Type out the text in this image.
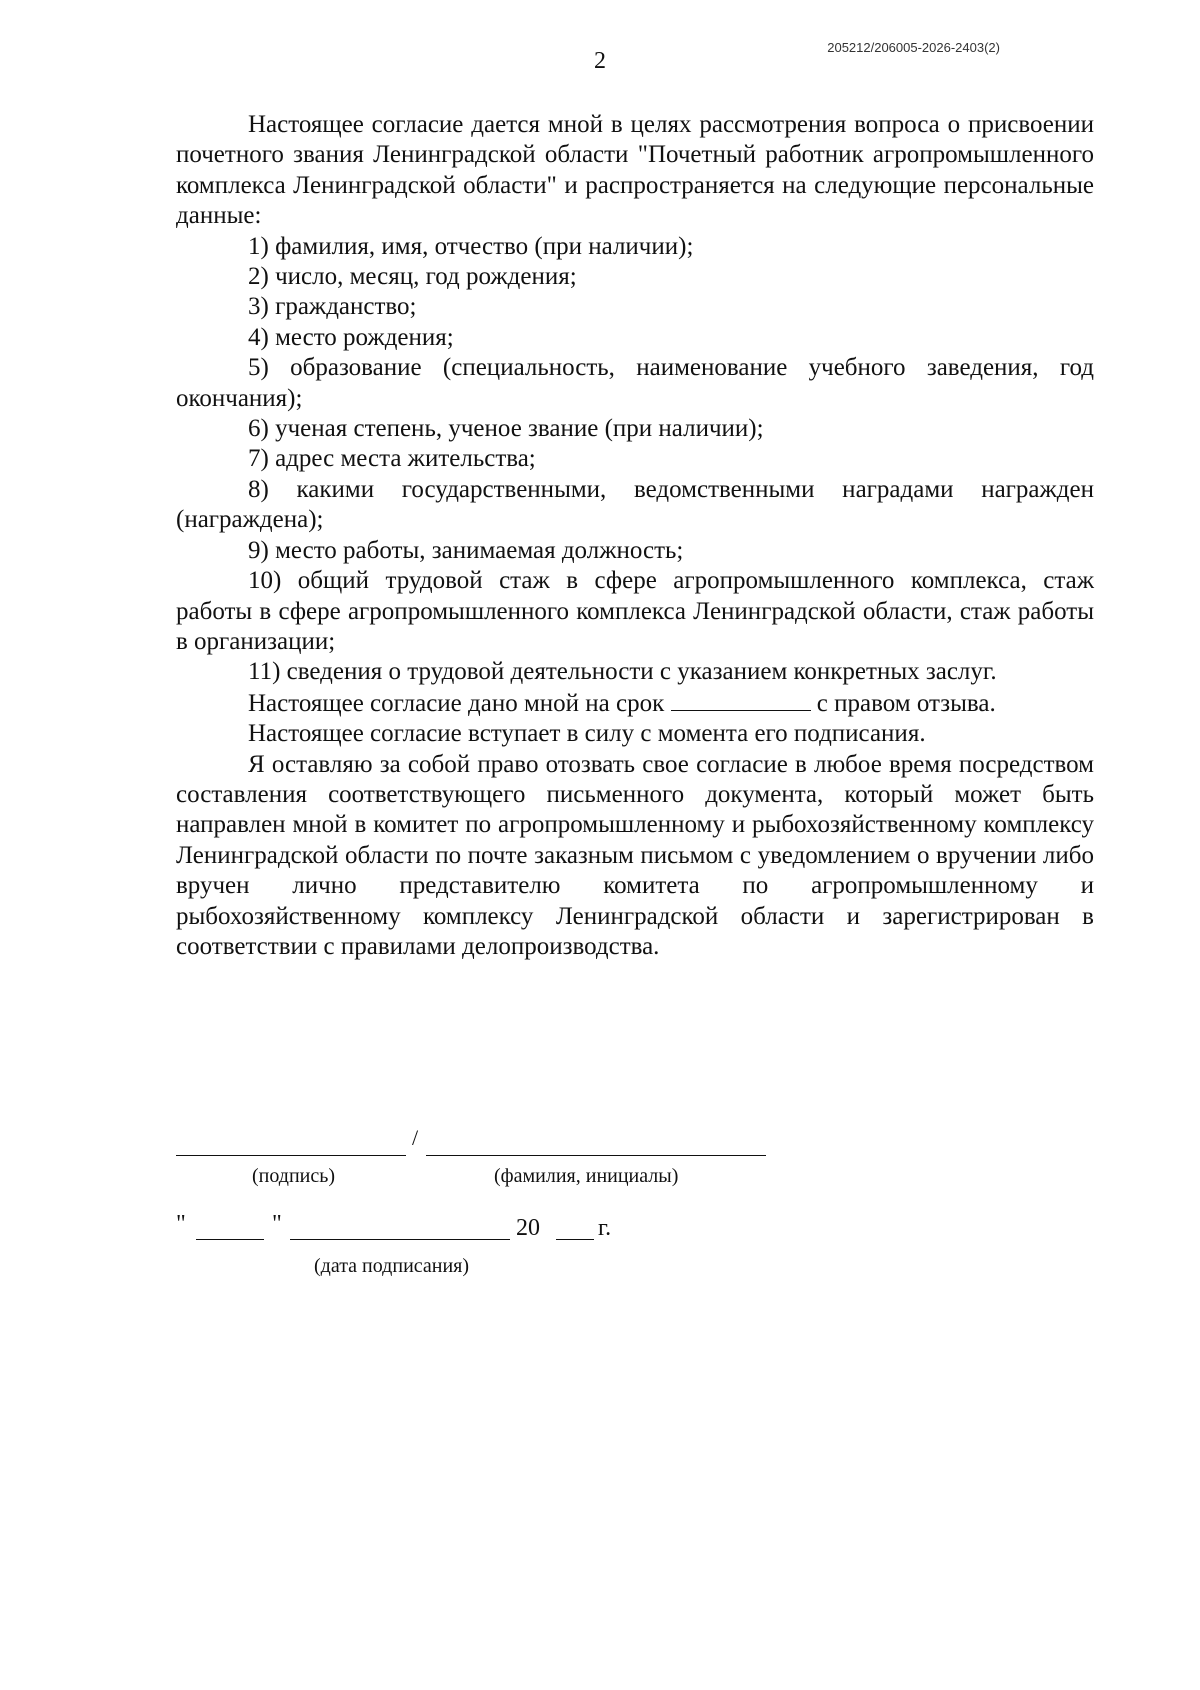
205212/206005-2026-2403(2)
2

Настоящее согласие дается мной в целях рассмотрения вопроса о присвоении почетного звания Ленинградской области "Почетный работник агропромышленного комплекса Ленинградской области" и распространяется на следующие персональные данные:

1) фамилия, имя, отчество (при наличии);

2) число, месяц, год рождения;

3) гражданство;

4) место рождения;

5) образование (специальность, наименование учебного заведения, год окончания);

6) ученая степень, ученое звание (при наличии);

7) адрес места жительства;

8) какими государственными, ведомственными наградами награжден (награждена);

9) место работы, занимаемая должность;

10) общий трудовой стаж в сфере агропромышленного комплекса, стаж работы в сфере агропромышленного комплекса Ленинградской области, стаж работы в организации;

11) сведения о трудовой деятельности с указанием конкретных заслуг.

Настоящее согласие дано мной на срок	с правом отзыва.

Настоящее согласие вступает в силу с момента его подписания.

Я оставляю за собой право отозвать свое согласие в любое время посредством составления соответствующего письменного документа, который может быть направлен мной в комитет по агропромышленному и рыбохозяйственному комплексу Ленинградской области по почте заказным письмом с уведомлением о вручении либо вручен лично представителю комитета по агропромышленному и рыбохозяйственному комплексу Ленинградской области и зарегистрирован в соответствии с правилами делопроизводства.

/
(подпись)	(фамилия, инициалы)
"	"	20 г.
(дата подписания)
